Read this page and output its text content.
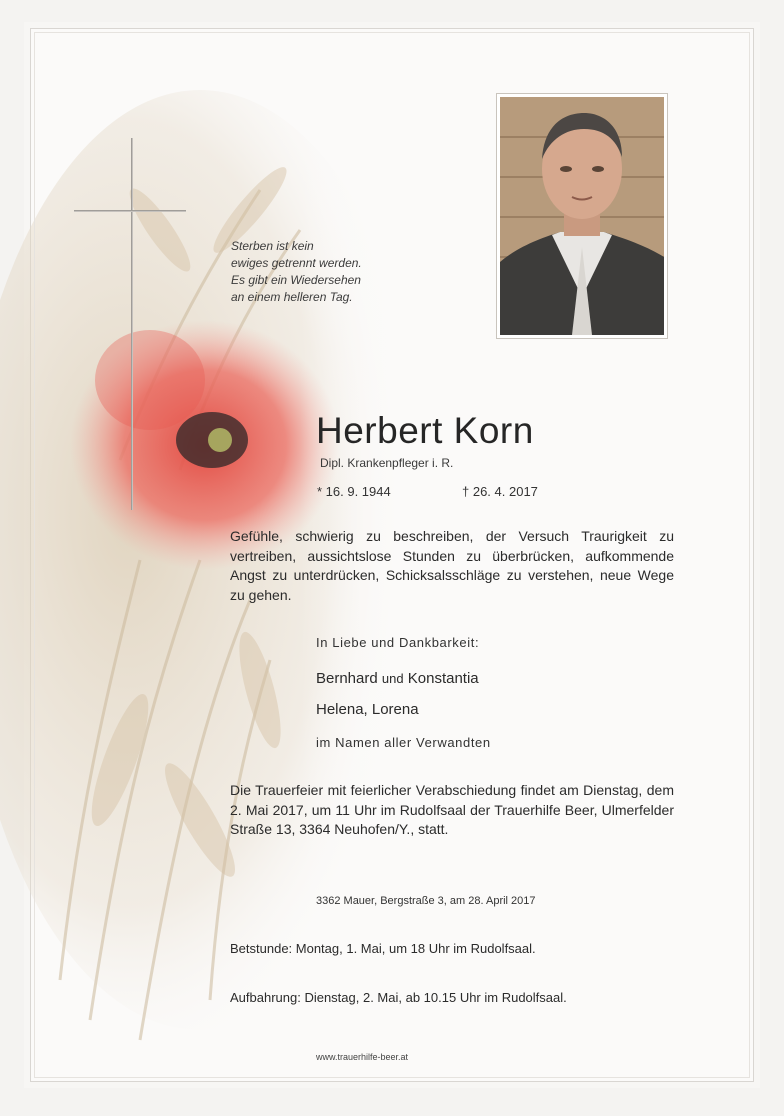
Sterben ist kein
ewiges getrennt werden.
Es gibt ein Wiedersehen
an einem helleren Tag.
Herbert Korn
Dipl. Krankenpfleger i. R.
* 16. 9. 1944	† 26. 4. 2017
Gefühle, schwierig zu beschreiben, der Versuch Traurigkeit zu vertreiben, aussichtslose Stunden zu überbrücken, aufkommende Angst zu unterdrücken, Schicksalsschläge zu verstehen, neue Wege zu gehen.
In Liebe und Dankbarkeit:
Bernhard und Konstantia
Helena, Lorena
im Namen aller Verwandten
Die Trauerfeier mit feierlicher Verabschiedung findet am Dienstag, dem 2. Mai 2017, um 11 Uhr im Rudolfsaal der Trauerhilfe Beer, Ulmerfelder Straße 13, 3364 Neuhofen/Y., statt.
3362 Mauer, Bergstraße 3, am 28. April 2017
Betstunde: Montag, 1. Mai, um 18 Uhr im Rudolfsaal.
Aufbahrung: Dienstag, 2. Mai, ab 10.15 Uhr im Rudolfsaal.
www.trauerhilfe-beer.at
